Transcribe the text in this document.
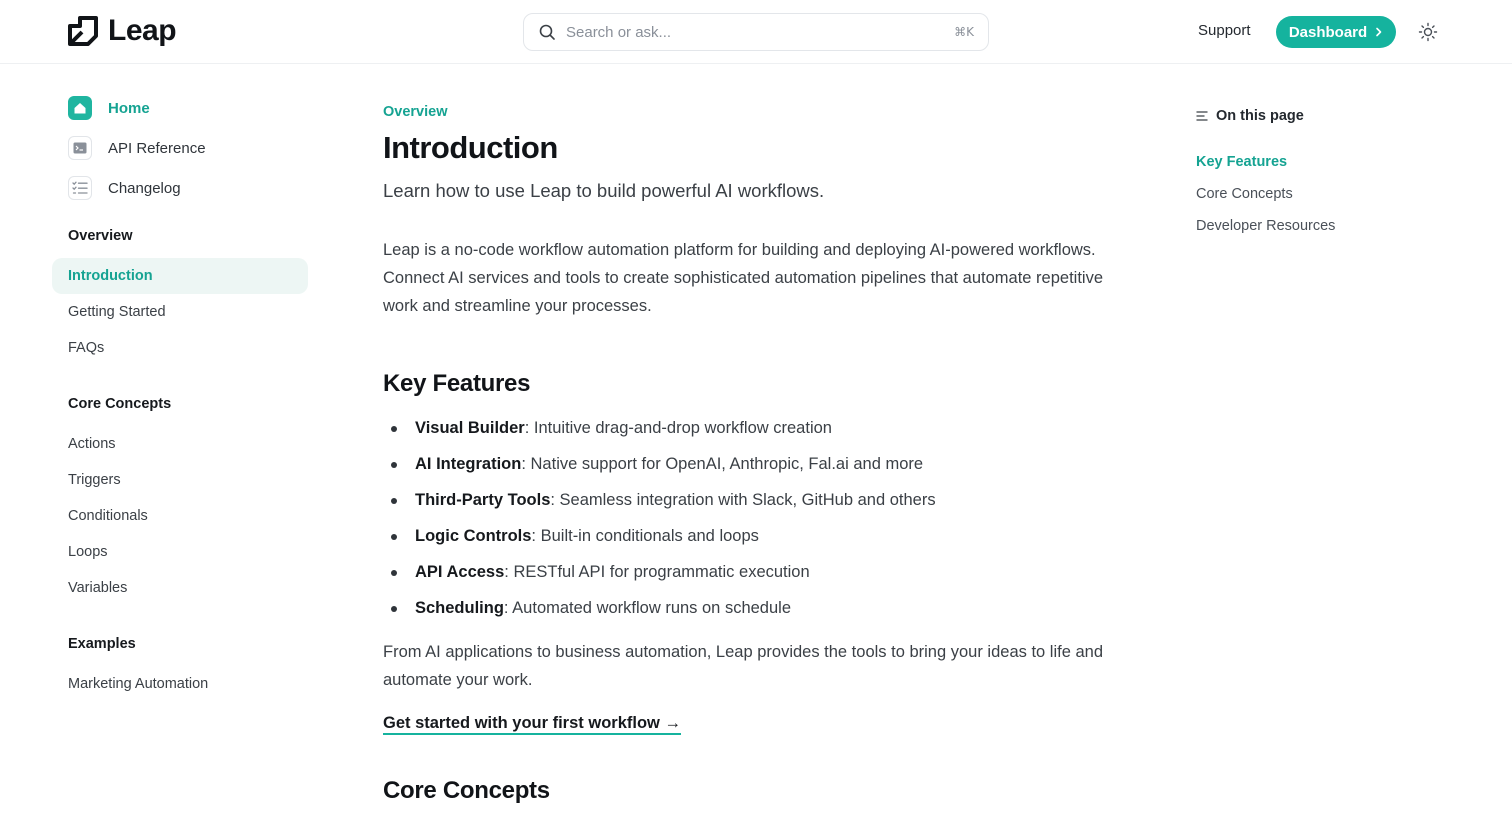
Leap
Search or ask...	⌘K	Support	Dashboard
Home
API Reference
Changelog
Overview
Introduction
Getting Started
FAQs
Core Concepts
Actions
Triggers
Conditionals
Loops
Variables
Examples
Marketing Automation
Overview
Introduction
Learn how to use Leap to build powerful AI workflows.

Leap is a no-code workflow automation platform for building and deploying AI-powered workflows. Connect AI services and tools to create sophisticated automation pipelines that automate repetitive work and streamline your processes.

Key Features
Visual Builder : Intuitive drag-and-drop workflow creation
AI Integration : Native support for OpenAI, Anthropic, Fal.ai and more
Third-Party Tools : Seamless integration with Slack, GitHub and others
Logic Controls : Built-in conditionals and loops
API Access : RESTful API for programmatic execution
Scheduling : Automated workflow runs on schedule

From AI applications to business automation, Leap provides the tools to bring your ideas to life and automate your work.

Get started with your first workflow →
Core Concepts
On this page
Key Features
Core Concepts
Developer Resources
